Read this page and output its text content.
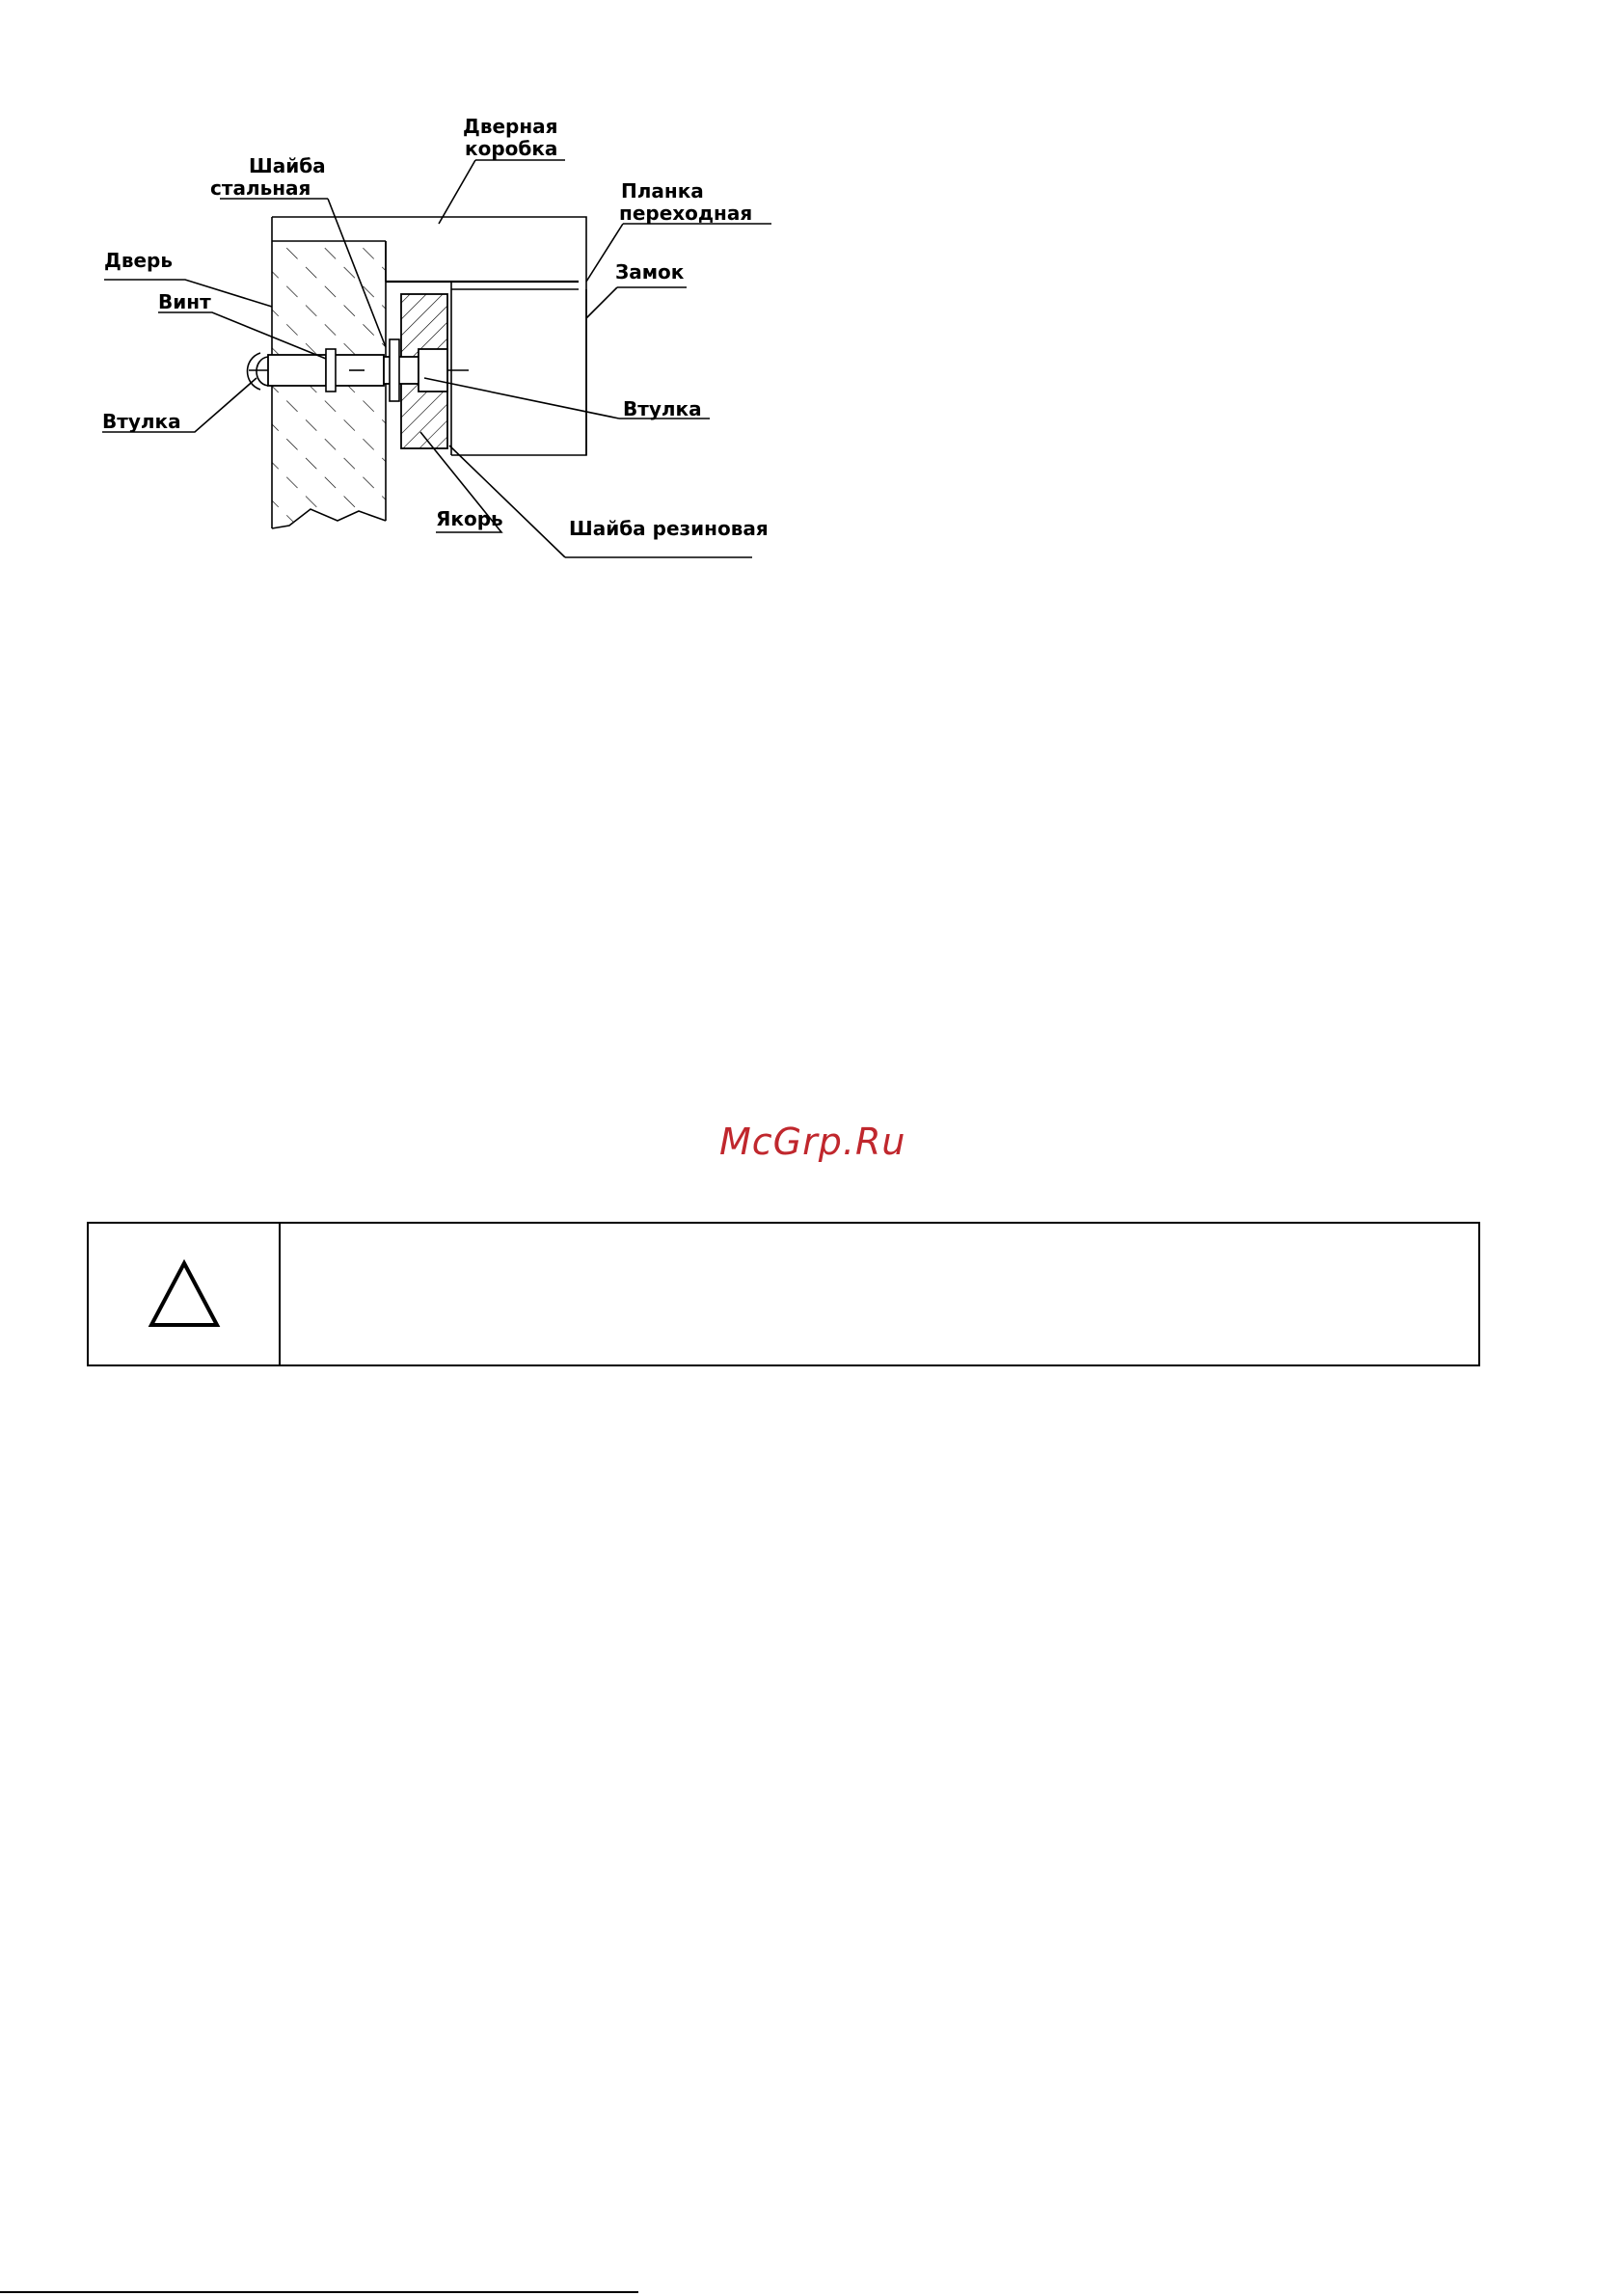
Дверная
коробка
Шайба
стальная	Планка
переходная
Дверь	Замок
Винт
Втулка
Втулка
Якорь	Шайба резиновая
McGrp.Ru
